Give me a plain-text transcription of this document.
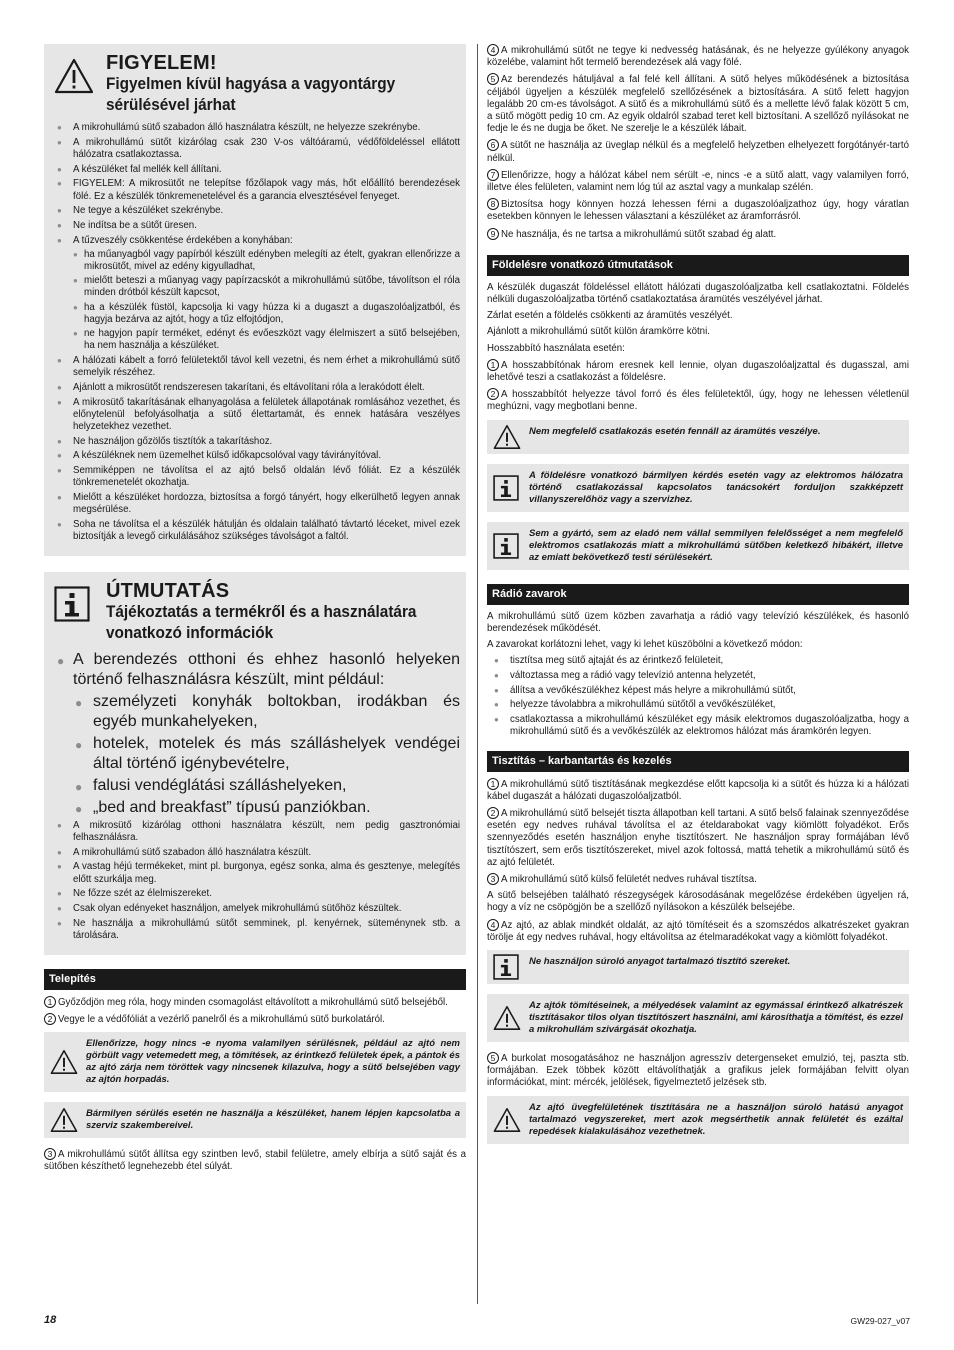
FIGYELEM!
Figyelmen kívül hagyása a vagyontárgy sérülésével járhat
● A mikrohullámú sütő szabadon álló használatra készült, ne helyezze szekrénybe.
● A mikrohullámú sütőt kizárólag csak 230 V-os váltóáramú, védőföldeléssel ellátott hálózatra csatlakoztassa.
● A készüléket fal mellék kell állítani.
● FIGYELEM: A mikrosütőt ne telepítse főzőlapok vagy más, hőt előállító berendezések fölé. Ez a készülék tönkremenetelével és a garancia elvesztésével fenyeget.
● Ne tegye a készüléket szekrénybe.
● Ne indítsa be a sütőt üresen.
● A tűzveszély csökkentése érdekében a konyhában:
● ha műanyagból vagy papírból készült edényben melegíti az ételt, gyakran ellenőrizze a mikrosütőt, mivel az edény kigyulladhat,
● mielőtt beteszi a műanyag vagy papírzacskót a mikrohullámú sütőbe, távolítson el róla minden drótból készült kapcsot,
● ha a készülék füstöl, kapcsolja ki vagy húzza ki a dugaszt a dugaszolóaljzatból, és hagyja bezárva az ajtót, hogy a tűz elfojtódjon,
● ne hagyjon papír terméket, edényt és evőeszközt vagy élelmiszert a sütő belsejében, ha nem használja a készüléket.
● A hálózati kábelt a forró felületektől távol kell vezetni, és nem érhet a mikrohullámú sütő semelyik részéhez.
● Ajánlott a mikrosütőt rendszeresen takarítani, és eltávolítani róla a lerakódott élelt.
● A mikrosütő takarításának elhanyagolása a felületek állapotának romlásához vezethet, és előnytelenül befolyásolhatja a sütő élettartamát, és ennek hatására veszélyes helyzetekhez vezethet.
● Ne használjon gőzölős tisztítók a takarításhoz.
● A készüléknek nem üzemelhet külső időkapcsolóval vagy távirányítóval.
● Semmiképpen ne távolítsa el az ajtó belső oldalán lévő fóliát. Ez a készülék tönkremenetelét okozhatja.
● Mielőtt a készüléket hordozza, biztosítsa a forgó tányért, hogy elkerülhető legyen annak megsérülése.
● Soha ne távolítsa el a készülék hátulján és oldalain található távtartó léceket, mivel ezek biztosítják a levegő cirkulálásához szükséges távolságot a faltól.
ÚTMUTATÁS
Tájékoztatás a termékről és a használatára vonatkozó információk
● A berendezés otthoni és ehhez hasonló helyeken történő felhasználásra készült, mint például:
● személyzeti konyhák boltokban, irodákban és egyéb munkahelyeken,
● hotelek, motelek és más szálláshelyek vendégei által történő igénybevételre,
● falusi vendéglátási szálláshelyeken,
● „bed and breakfast” típusú panziókban.
● A mikrosütő kizárólag otthoni használatra készült, nem pedig gasztronómiai felhasználásra.
● A mikrohullámú sütő szabadon álló használatra készült.
● A vastag héjú termékeket, mint pl. burgonya, egész sonka, alma és gesztenye, melegítés előtt szurkálja meg.
● Ne főzze szét az élelmiszereket.
● Csak olyan edényeket használjon, amelyek mikrohullámú sütőhöz készültek.
● Ne használja a mikrohullámú sütőt semminek, pl. kenyérnek, süteménynek stb. a tárolására.
Telepítés

1 Győződjön meg róla, hogy minden csomagolást eltávolított a mikrohullámú sütő belsejéből.

2 Vegye le a védőfóliát a vezérlő panelről és a mikrohullámú sütő burkolatáról.

Ellenőrizze, hogy nincs -e nyoma valamilyen sérülésnek, például az ajtó nem görbült vagy vetemedett meg, a tömítések, az érintkező felületek épek, a pántok és az ajtó zárja nem töröttek vagy nincsenek kilazulva, hogy a sütő belsejében vagy az ajtón horpadás.
Bármilyen sérülés esetén ne használja a készüléket, hanem lépjen kapcsolatba a szerviz szakembereivel.

3 A mikrohullámú sütőt állítsa egy szintben levő, stabil felületre, amely elbírja a sütő saját és a sütőben készíthető legnehezebb étel súlyát.

4 A mikrohullámú sütőt ne tegye ki nedvesség hatásának, és ne helyezze gyúlékony anyagok közelébe, valamint hőt termelő berendezések alá vagy fölé.

5 Az berendezés hátuljával a fal felé kell állítani. A sütő helyes működésének a biztosítása céljából ügyeljen a készülék megfelelő szellőzésének a biztosítására. A sütő felett hagyjon legalább 20 cm-es távolságot. A sütő és a mikrohullámú sütő és a mellette lévő falak között 5 cm, a sütő mögött pedig 10 cm. Az egyik oldalról szabad teret kell biztosítani. A szellőző nyílásokat ne fedje le és ne dugja be őket. Ne szerelje le a készülék lábait.

6 A sütőt ne használja az üveglap nélkül és a megfelelő helyzetben elhelyezett forgótányér-tartó nélkül.

7 Ellenőrizze, hogy a hálózat kábel nem sérült -e, nincs -e a sütő alatt, vagy valamilyen forró, illetve éles felületen, valamint nem lóg túl az asztal vagy a munkalap szélén.

8 Biztosítsa hogy könnyen hozzá lehessen férni a dugaszolóaljzathoz úgy, hogy váratlan esetekben könnyen le lehessen választani a készüléket az áramforrásról.

9 Ne használja, és ne tartsa a mikrohullámú sütőt szabad ég alatt.

Földelésre vonatkozó útmutatások

A készülék dugaszát földeléssel ellátott hálózati dugaszolóaljzatba kell csatlakoztatni. Földelés nélküli dugaszolóaljzatba történő csatlakoztatása áramütés veszélyével járhat.

Zárlat esetén a földelés csökkenti az áramütés veszélyét.

Ajánlott a mikrohullámú sütőt külön áramkörre kötni.

Hosszabbító használata esetén:

1 A hosszabbítónak három eresnek kell lennie, olyan dugaszolóaljzattal és dugasszal, ami lehetővé teszi a csatlakozást a földelésre.

2 A hosszabbítót helyezze távol forró és éles felületektől, úgy, hogy ne lehessen véletlenül meghúzni, vagy megbotlani benne.

Nem megfelelő csatlakozás esetén fennáll az áramütés veszélye.
A földelésre vonatkozó bármilyen kérdés esetén vagy az elektromos hálózatra történő csatlakozással kapcsolatos tanácsokért forduljon szakképzett villanyszerelőhöz vagy a szervizhez.
Sem a gyártó, sem az eladó nem vállal semmilyen felelősséget a nem megfelelő elektromos csatlakozás miatt a mikrohullámú sütőben keletkező hibákért, illetve az emiatt bekövetkező testi sérülésekért.
Rádió zavarok

A mikrohullámú sütő üzem közben zavarhatja a rádió vagy televízió készülékek, és hasonló berendezések működését.

A zavarokat korlátozni lehet, vagy ki lehet küszöbölni a következő módon:

● tisztítsa meg sütő ajtaját és az érintkező felületeit,
● változtassa meg a rádió vagy televízió antenna helyzetét,
● állítsa a vevőkészülékhez képest más helyre a mikrohullámú sütőt,
● helyezze távolabbra a mikrohullámú sütőtől a vevőkészüléket,
● csatlakoztassa a mikrohullámú készüléket egy másik elektromos dugaszolóaljzatba, hogy a mikrohullámú sütő és a vevőkészülék az elektromos hálózat más áramkörén legyen.
Tisztítás – karbantartás és kezelés

1 A mikrohullámú sütő tisztításának megkezdése előtt kapcsolja ki a sütőt és húzza ki a hálózati kábel dugaszát a hálózati dugaszolóaljzatból.

2 A mikrohullámú sütő belsejét tiszta állapotban kell tartani. A sütő belső falainak szennyeződése esetén egy nedves ruhával távolítsa el az ételdarabokat vagy kiömlött folyadékot. Erős szennyeződés esetén használjon enyhe tisztítószert. Ne használjon spray formájában lévő tisztítószert, sem erős tisztítószereket, mivel azok foltossá, mattá tehetik a mikrohullámú sütő és az ajtó felületét.

3 A mikrohullámú sütő külső felületét nedves ruhával tisztítsa.

A sütő belsejében található részegységek károsodásának megelőzése érdekében ügyeljen rá, hogy a víz ne csöpögjön be a szellőző nyílásokon a készülék belsejébe.

4 Az ajtó, az ablak mindkét oldalát, az ajtó tömítéseit és a szomszédos alkatrészeket gyakran törölje át egy nedves ruhával, hogy eltávolítsa az ételmaradékokat vagy a kiömlött folyadékot.

Ne használjon súroló anyagot tartalmazó tisztító szereket.
Az ajtók tömítéseinek, a mélyedések valamint az egymással érintkező alkatrészek tisztításakor tilos olyan tisztítószert használni, ami károsíthatja a tömítést, és ezzel a mikrohullám szivárgását okozhatja.

5 A burkolat mosogatásához ne használjon agresszív detergenseket emulzió, tej, paszta stb. formájában. Ezek többek között eltávolíthatják a grafikus jelek formájában felvitt olyan információkat, mint: mércék, jelölések, figyelmeztető jelzések stb.

Az ajtó üvegfelületének tisztítására ne a használjon súroló hatású anyagot tartalmazó vegyszereket, mert azok megsérthetik annak felületét és ezáltal repedések kialakulásához vezethetnek.
18	GW29-027_v07
